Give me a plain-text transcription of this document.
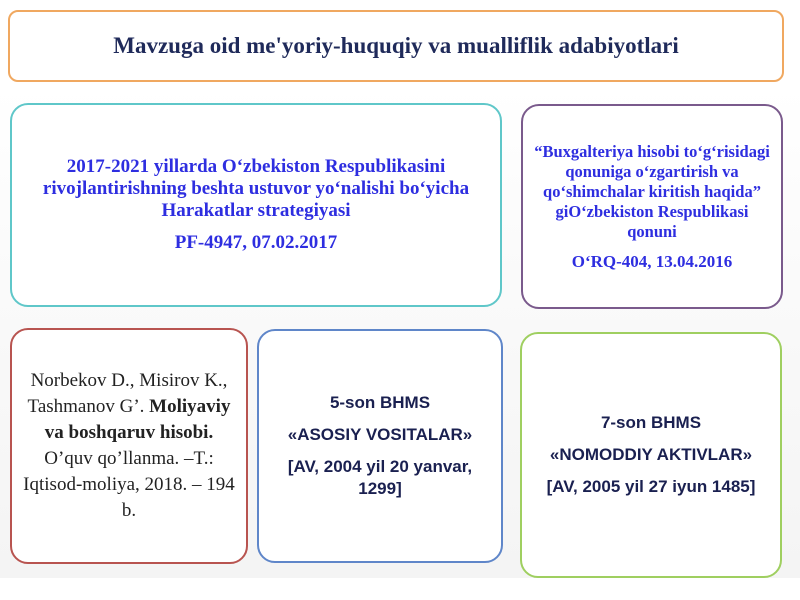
Mavzuga oid me'yoriy-huquqiy va mualliflik adabiyotlari
2017-2021 yillarda O‘zbekiston Respublikasini rivojlantirishning beshta ustuvor yo‘nalishi bo‘yicha Harakatlar strategiyasi
PF-4947, 07.02.2017
“Buxgalteriya hisobi to‘g‘risidagi qonuniga o‘zgartirish va qo‘shimchalar kiritish haqida” giO‘zbekiston Respublikasi qonuni
O‘RQ-404, 13.04.2016
Norbekov D., Misirov K., Tashmanov G’. Moliyaviy va boshqaruv hisobi. O’quv qo’llanma. –T.: Iqtisod-moliya, 2018. – 194 b.
5-son BHMS
«ASOSIY VOSITALAR»
[AV, 2004 yil 20 yanvar, 1299]
7-son BHMS
«NOMODDIY AKTIVLAR»
[AV, 2005 yil 27 iyun 1485]
